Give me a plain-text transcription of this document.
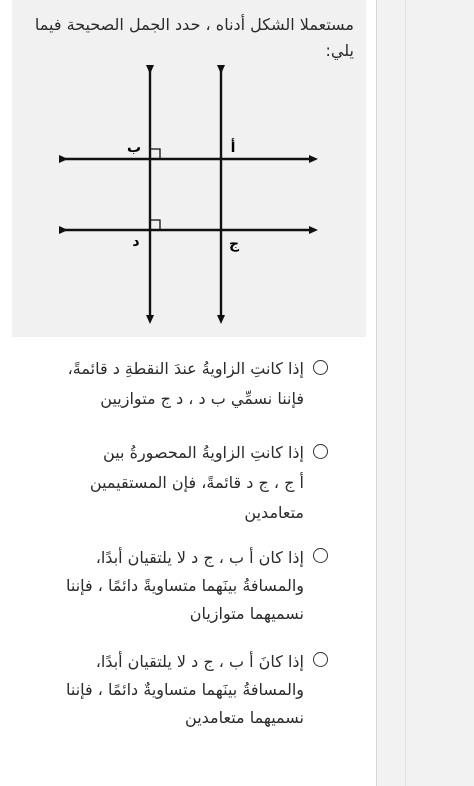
مستعملا الشكل أدناه ، حدد الجمل الصحيحة فيما يلي:
ب	أ
د	ج
إذا كانتِ الزاويةُ عندَ النقطةِ د قائمةً،
فإننا نسمِّي ب د ، د ج متوازيين
إذا كانتِ الزاويةُ المحصورةُ بين
أ ج ، ج د قائمةً، فإن المستقيمين
متعامدين
إذا كان أ ب ، ج د لا يلتقيان أبدًا،
والمسافةُ بينَهما متساويةً دائمًا ، فإننا
نسميهما متوازيان
إذا كانَ أ ب ، ج د لا يلتقيان أبدًا،
والمسافةُ بينَهما متساويةٌ دائمًا ، فإننا
نسميهما متعامدين
